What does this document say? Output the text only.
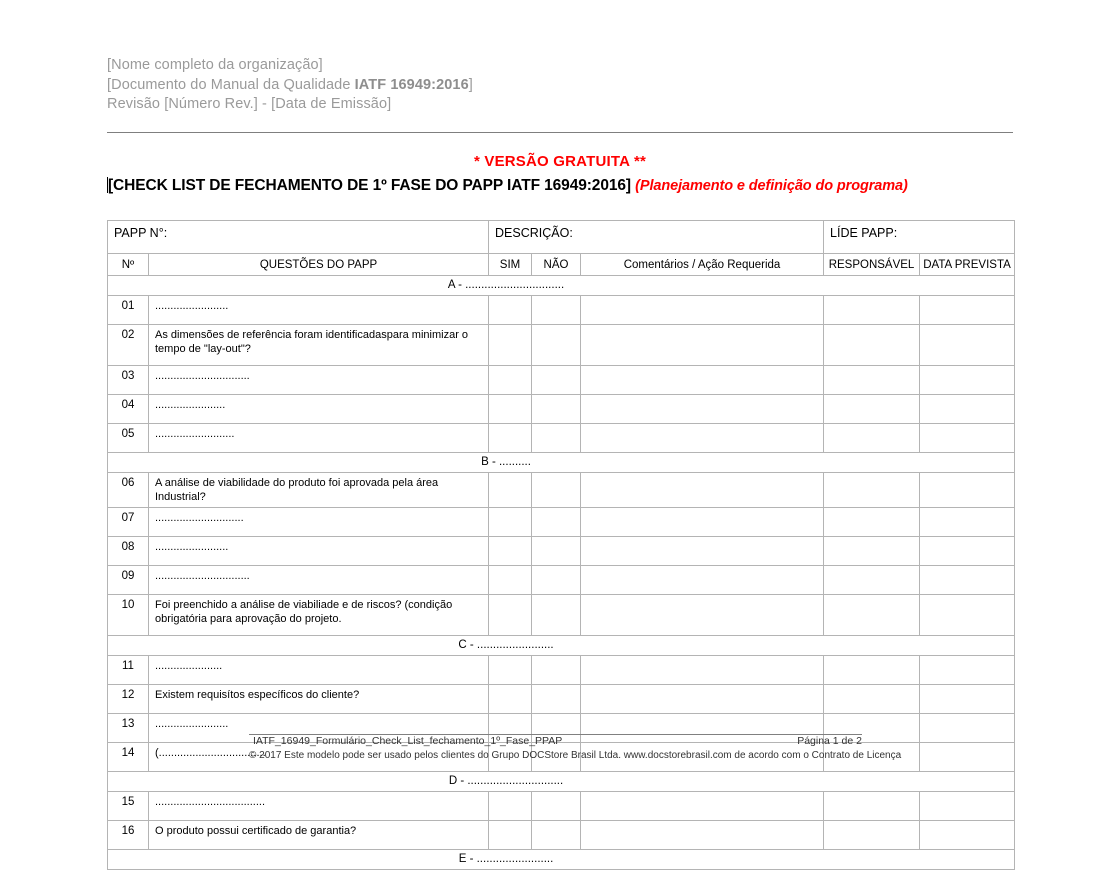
[Nome completo da organização]
[Documento do Manual da Qualidade IATF 16949:2016]
Revisão [Número Rev.] - [Data de Emissão]
* VERSÃO GRATUITA **
[CHECK LIST DE FECHAMENTO DE 1º FASE DO PAPP IATF 16949:2016] (Planejamento e definição do programa)
PAPP N°:		DESCRIÇÃO:			LÍDE PAPP:	
Nº	QUESTÕES DO PAPP	SIM	NÃO	Comentários / Ação Requerida	RESPONSÁVEL	DATA PREVISTA

A - ...............................						

01	........................					
02	As dimensões de referência foram identificadaspara minimizar o tempo de "lay-out"?					
03	...............................					
04	.......................					
05	..........................					

B - ..........						

06	A análise de viabilidade do produto foi aprovada pela área Industrial?					
07	.............................					
08	........................					
09	...............................					
10	Foi preenchido a análise de viabiliade e de riscos? (condição obrigatória para aprovação do projeto.					

C - ........................						

11	......................					
12	Existem requisítos específicos do cliente?					
13	........................					
14	(...................................					

D - ..............................						

15	....................................					
16	O produto possui certificado de garantia?					

E - ........................						
IATF_16949_Formulário_Check_List_fechamento_1º_Fase_PPAP	Página 1 de 2
© 2017 Este modelo pode ser usado pelos clientes do Grupo DOCStore Brasil Ltda. www.docstorebrasil.com de acordo com o Contrato de Licença
